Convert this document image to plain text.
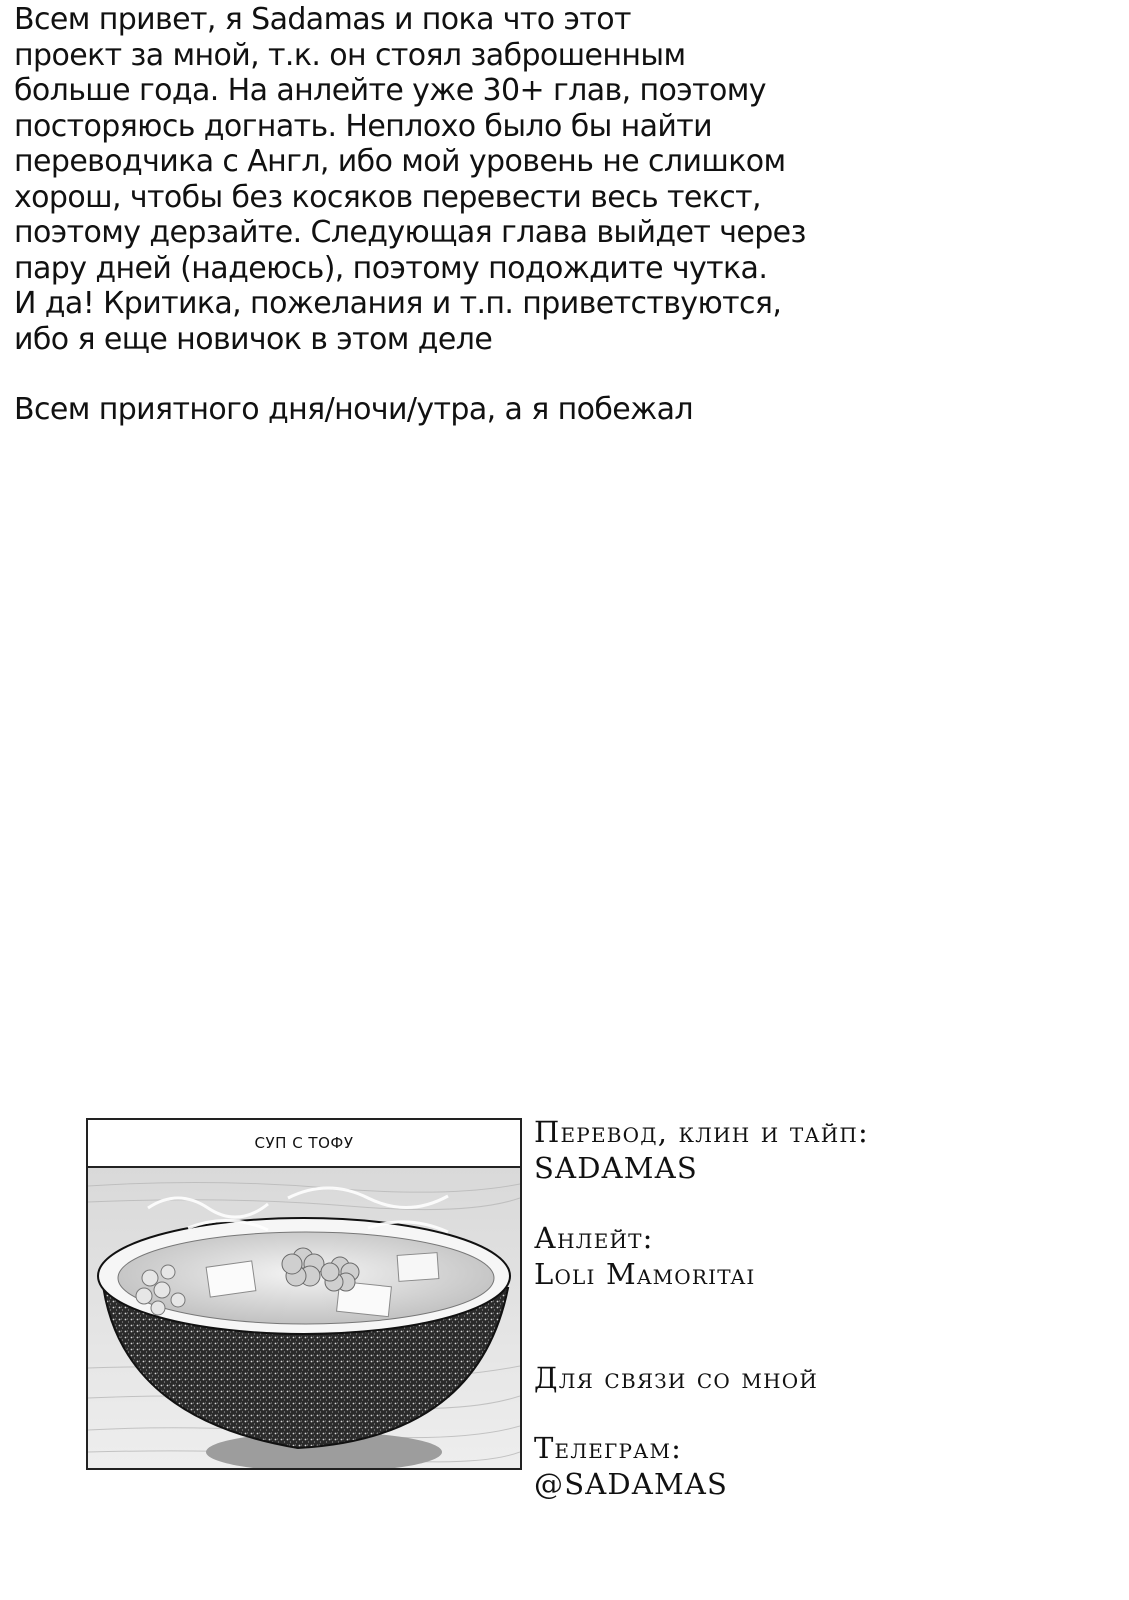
Всем привет, я Sadamas и пока что этот
проект за мной, т.к. он стоял заброшенным
больше года. На анлейте уже 30+ глав, поэтому
посторяюсь догнать. Неплохо было бы найти
переводчика с Англ, ибо мой уровень не слишком
хорош, чтобы без косяков перевести весь текст,
поэтому дерзайте. Следующая глава выйдет через
пару дней (надеюсь), поэтому подождите чутка.
И да! Критика, пожелания и т.п. приветствуются,
ибо я еще новичок в этом деле
Всем приятного дня/ночи/утра, а я побежал
СУП С ТОФУ	Перевод, клин и тайп:
SADAMAS
Анлейт:
Loli Mamoritai
Для связи со мной
Телеграм:
@SADAMAS
